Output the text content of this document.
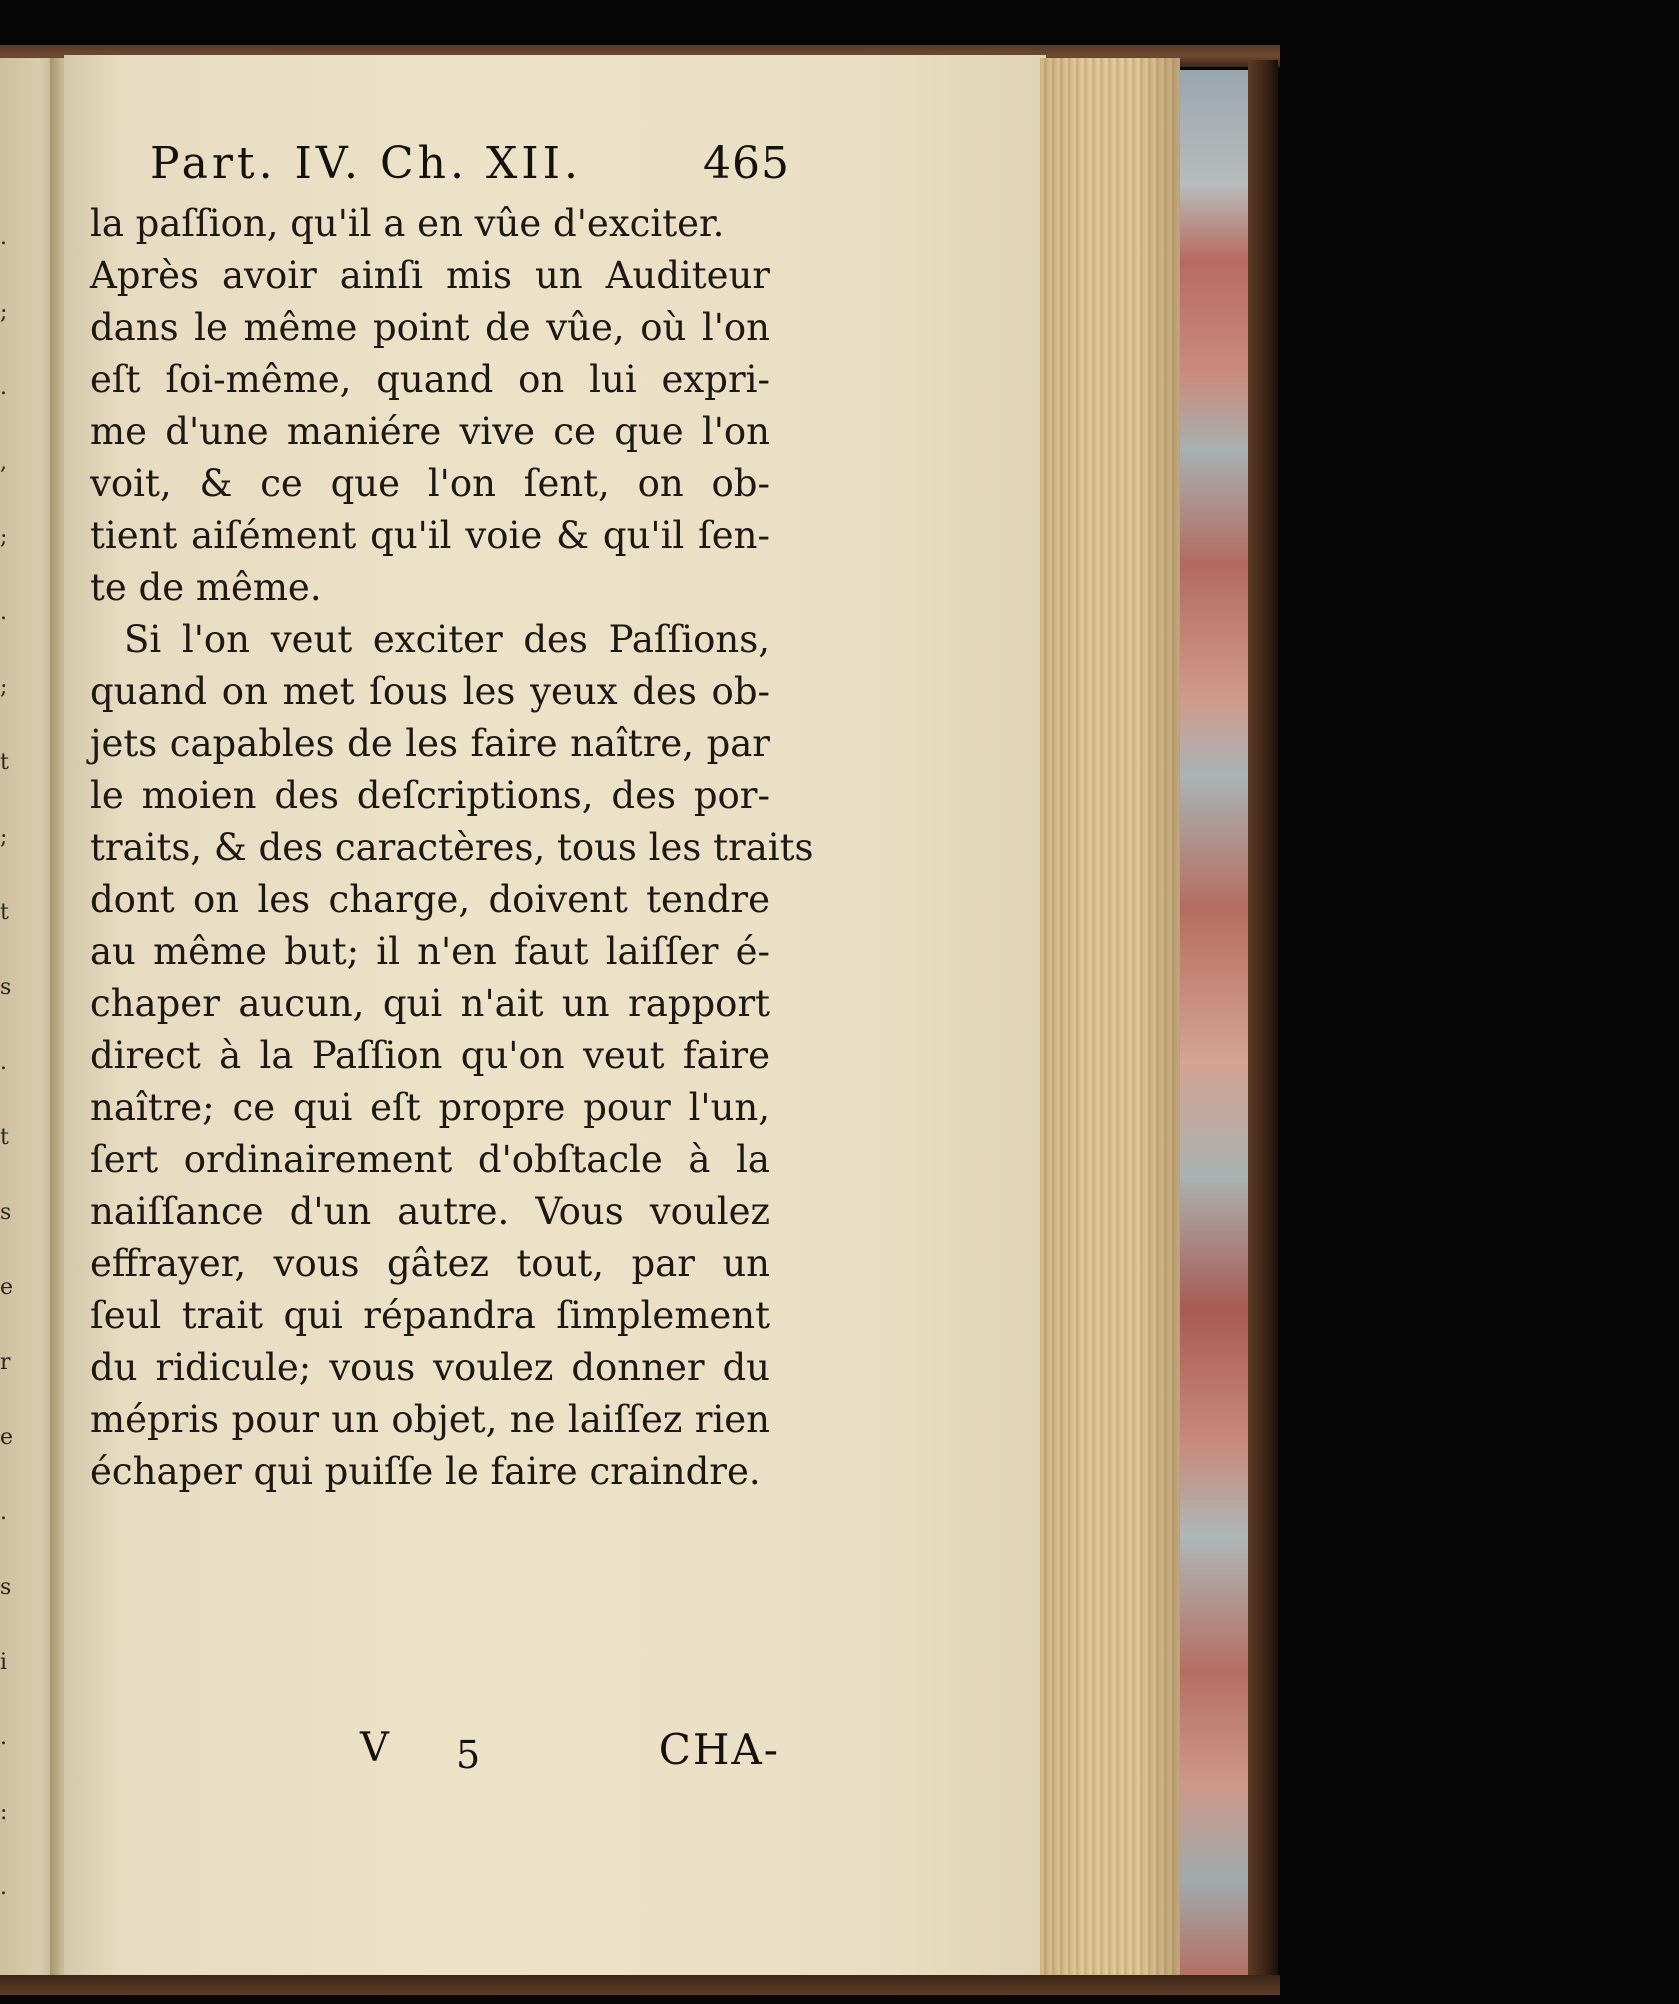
.
;
.
,
;
.
;
t
;
t
s
.
t
s
e
r
e
.
s
i
.
:
.
Part. IV. Ch. XII.	465
la paſſion, qu'il a en vûe d'exciter.
Après avoir ainſi mis un Auditeur
dans le même point de vûe, où l'on
eſt ſoi-même, quand on lui expri-
me d'une maniére vive ce que l'on
voit, & ce que l'on ſent, on ob-
tient aiſément qu'il voie & qu'il ſen-
te de même.
Si l'on veut exciter des Paſſions,
quand on met ſous les yeux des ob-
jets capables de les faire naître, par
le moien des deſcriptions, des por-
traits, & des caractères, tous les traits
dont on les charge, doivent tendre
au même but; il n'en faut laiſſer é-
chaper aucun, qui n'ait un rapport
direct à la Paſſion qu'on veut faire
naître; ce qui eſt propre pour l'un,
ſert ordinairement d'obſtacle à la
naiſſance d'un autre. Vous voulez
effrayer, vous gâtez tout, par un
ſeul trait qui répandra ſimplement
du ridicule; vous voulez donner du
mépris pour un objet, ne laiſſez rien
échaper qui puiſſe le faire craindre.
V 5	CHA-
